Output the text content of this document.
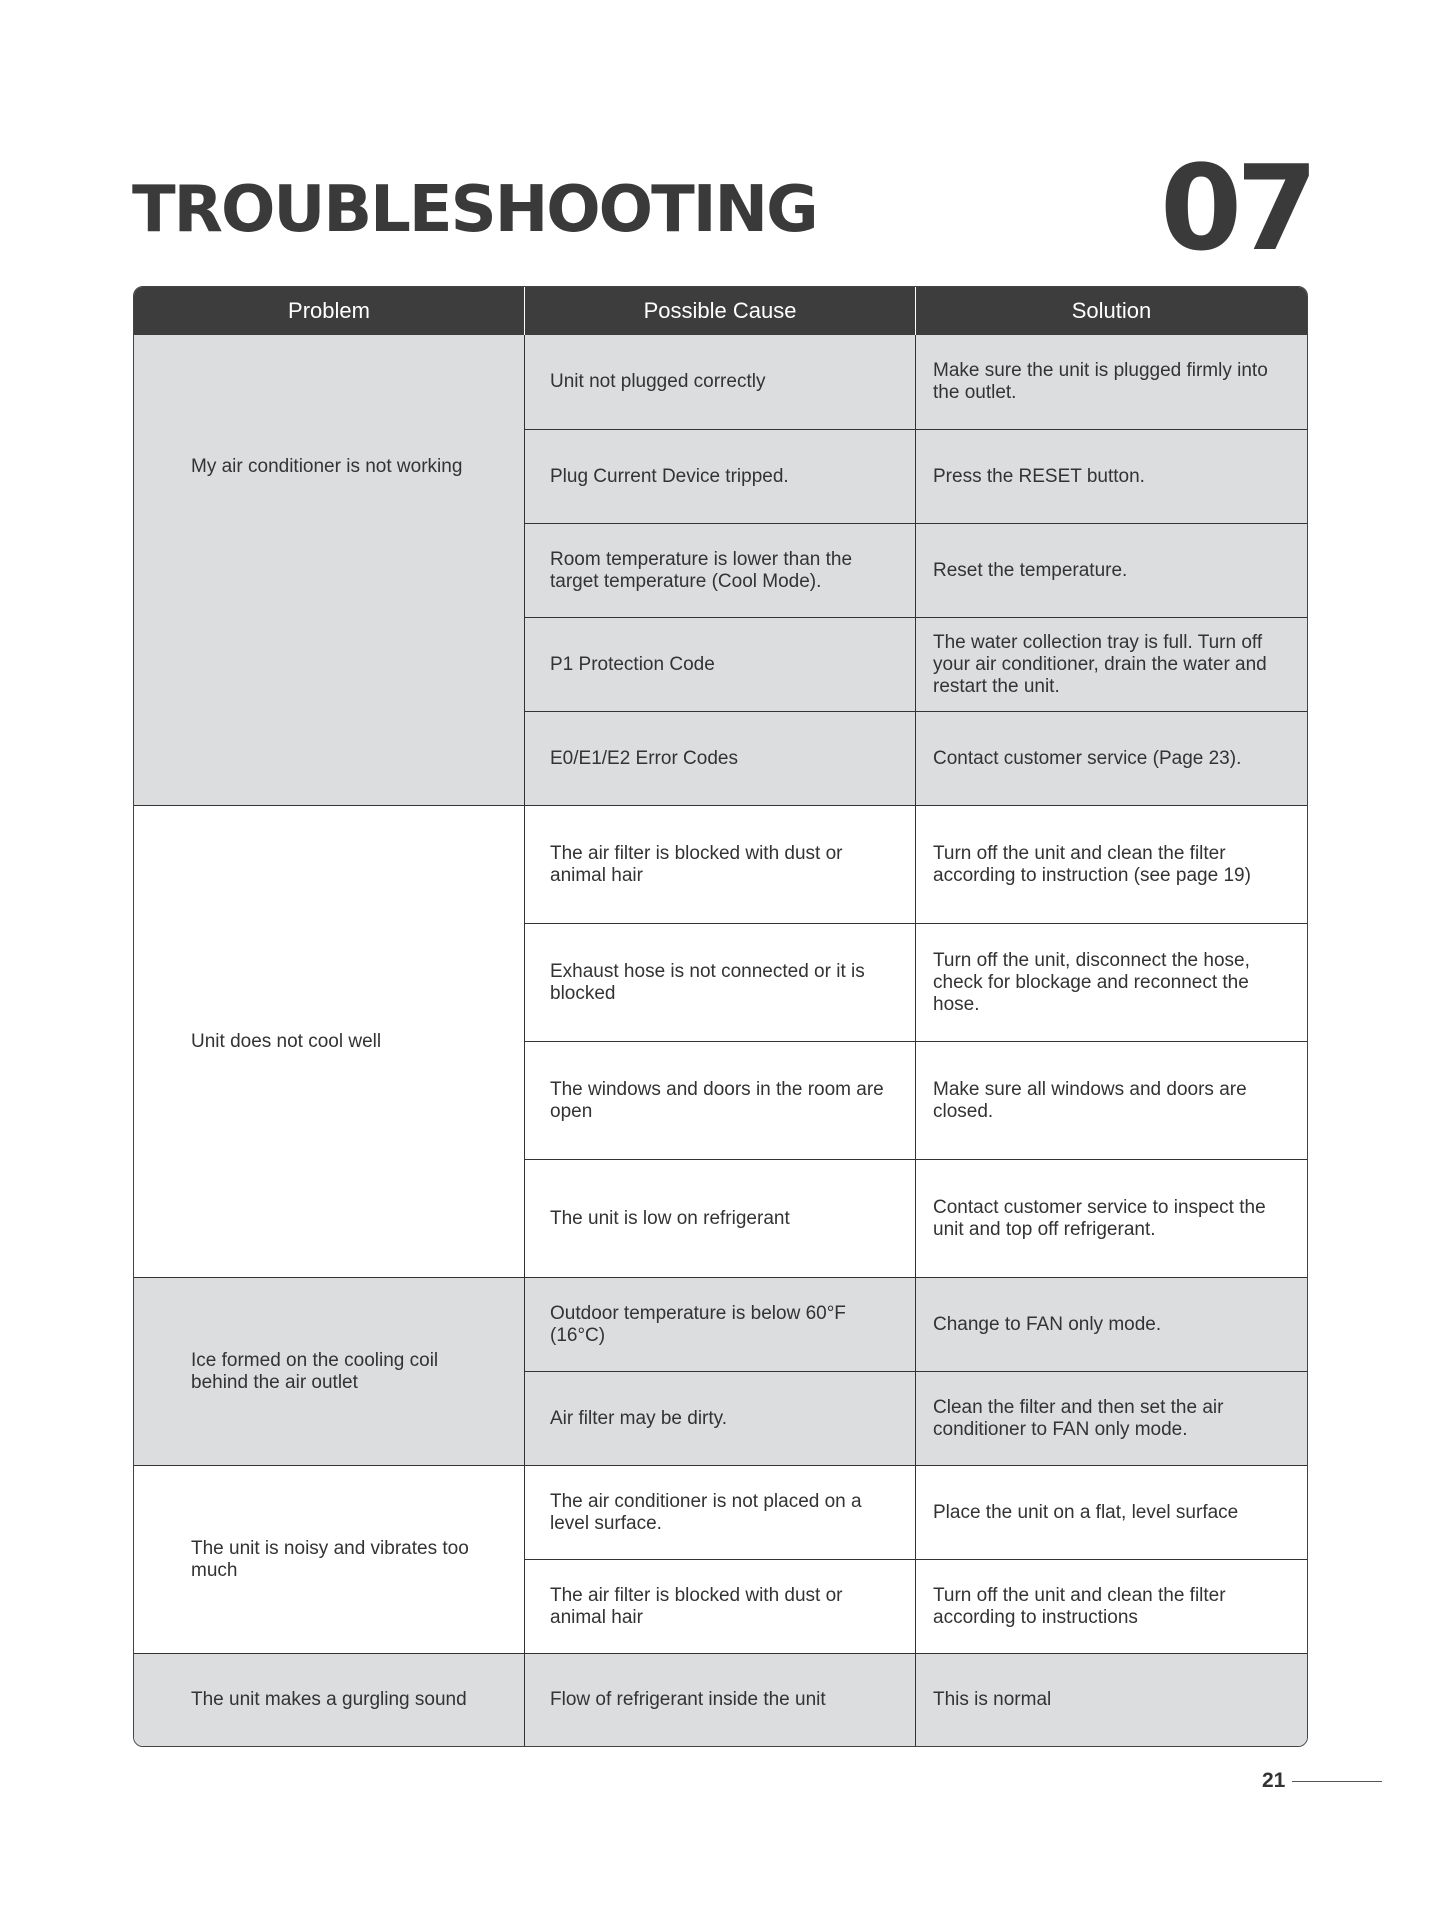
TROUBLESHOOTING	07
Problem	Possible Cause	Solution

My air conditioner is not working	Unit not plugged correctly	Make sure the unit is plugged firmly into the outlet.
	Plug Current Device tripped.	Press the RESET button.
	Room temperature is lower than the target temperature (Cool Mode).	Reset the temperature.
	P1 Protection Code	The water collection tray is full. Turn off your air conditioner, drain the water and restart the unit.
	E0/E1/E2 Error Codes	Contact customer service (Page 23).

Unit does not cool well	The air filter is blocked with dust or animal hair	Turn off the unit and clean the filter according to instruction (see page 19)
	Exhaust hose is not connected or it is blocked	Turn off the unit, disconnect the hose, check for blockage and reconnect the hose.
	The windows and doors in the room are open	Make sure all windows and doors are closed.
	The unit is low on refrigerant	Contact customer service to inspect the unit and top off refrigerant.

Ice formed on the cooling coil behind the air outlet	Outdoor temperature is below 60°F (16°C)	Change to FAN only mode.
	Air filter may be dirty.	Clean the filter and then set the air conditioner to FAN only mode.

The unit is noisy and vibrates too much	The air conditioner is not placed on a level surface.	Place the unit on a flat, level surface
	The air filter is blocked with dust or animal hair	Turn off the unit and clean the filter according to instructions

The unit makes a gurgling sound	Flow of refrigerant inside the unit	This is normal
21
